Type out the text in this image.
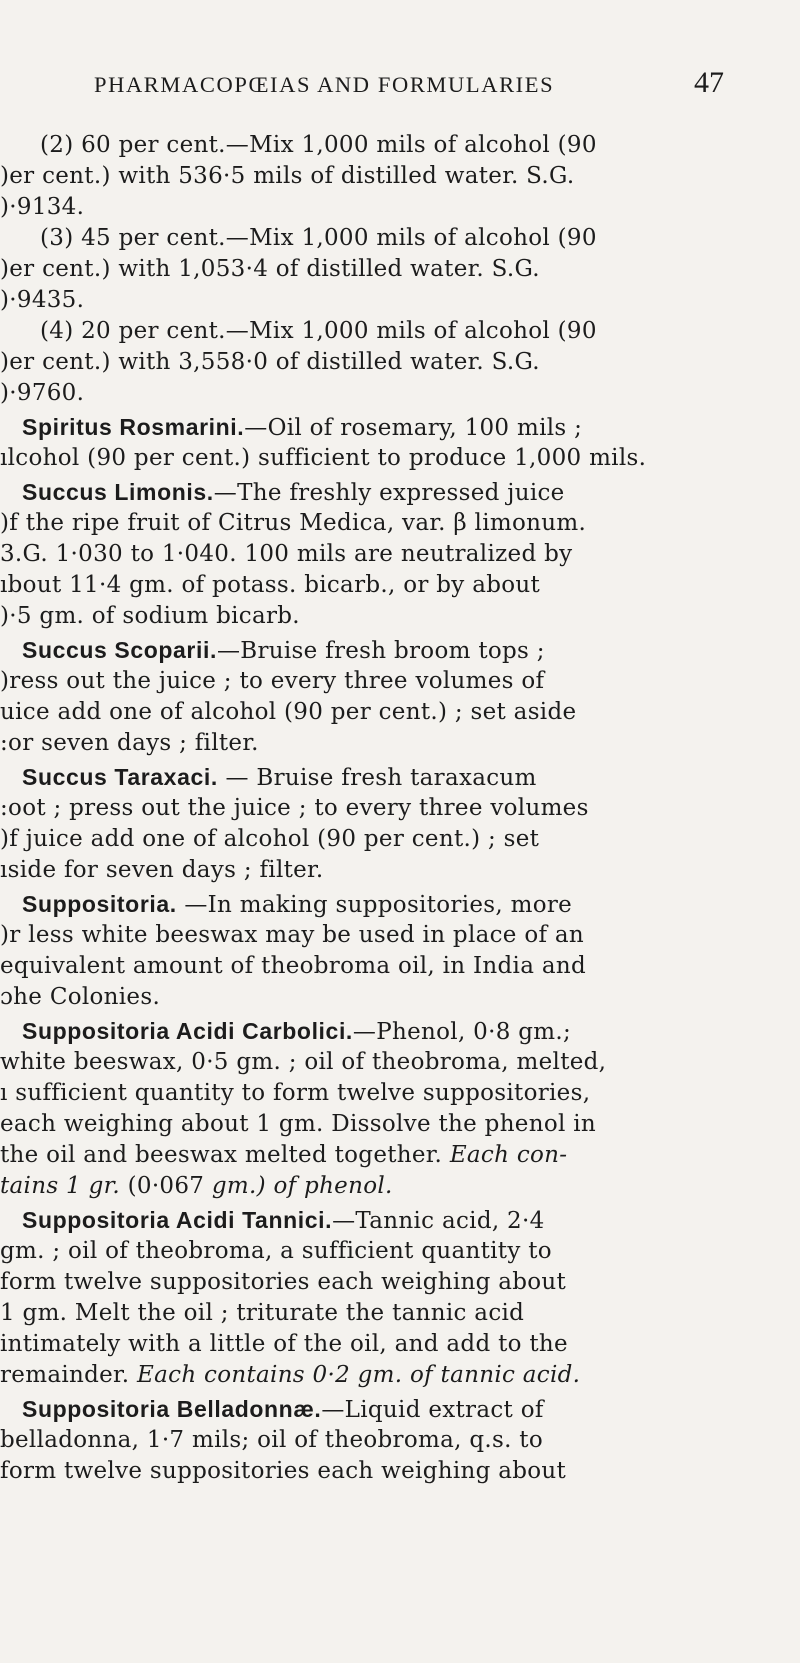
PHARMACOPŒIAS AND FORMULARIES	47
(2) 60 per cent.—Mix 1,000 mils of alcohol (90
)er cent.) with 536·5 mils of distilled water. S.G.
)·9134.
(3) 45 per cent.—Mix 1,000 mils of alcohol (90
)er cent.) with 1,053·4 of distilled water. S.G.
)·9435.
(4) 20 per cent.—Mix 1,000 mils of alcohol (90
)er cent.) with 3,558·0 of distilled water. S.G.
)·9760.
Spiritus Rosmarini.—Oil of rosemary, 100 mils ;
ılcohol (90 per cent.) sufficient to produce 1,000 mils.
Succus Limonis.—The freshly expressed juice
)f the ripe fruit of Citrus Medica, var. β limonum.
3.G. 1·030 to 1·040. 100 mils are neutralized by
ıbout 11·4 gm. of potass. bicarb., or by about
)·5 gm. of sodium bicarb.
Succus Scoparii.—Bruise fresh broom tops ;
)ress out the juice ; to every three volumes of
uice add one of alcohol (90 per cent.) ; set aside
:or seven days ; filter.
Succus Taraxaci. — Bruise fresh taraxacum
:oot ; press out the juice ; to every three volumes
)f juice add one of alcohol (90 per cent.) ; set
ıside for seven days ; filter.
Suppositoria. —In making suppositories, more
)r less white beeswax may be used in place of an
equivalent amount of theobroma oil, in India and
ɔhe Colonies.
Suppositoria Acidi Carbolici.—Phenol, 0·8 gm.;
white beeswax, 0·5 gm. ; oil of theobroma, melted,
ı sufficient quantity to form twelve suppositories,
each weighing about 1 gm. Dissolve the phenol in
the oil and beeswax melted together. Each con-
tains 1 gr. (0·067 gm.) of phenol.
Suppositoria Acidi Tannici.—Tannic acid, 2·4
gm. ; oil of theobroma, a sufficient quantity to
form twelve suppositories each weighing about
1 gm. Melt the oil ; triturate the tannic acid
intimately with a little of the oil, and add to the
remainder. Each contains 0·2 gm. of tannic acid.
Suppositoria Belladonnæ.—Liquid extract of
belladonna, 1·7 mils; oil of theobroma, q.s. to
form twelve suppositories each weighing about
